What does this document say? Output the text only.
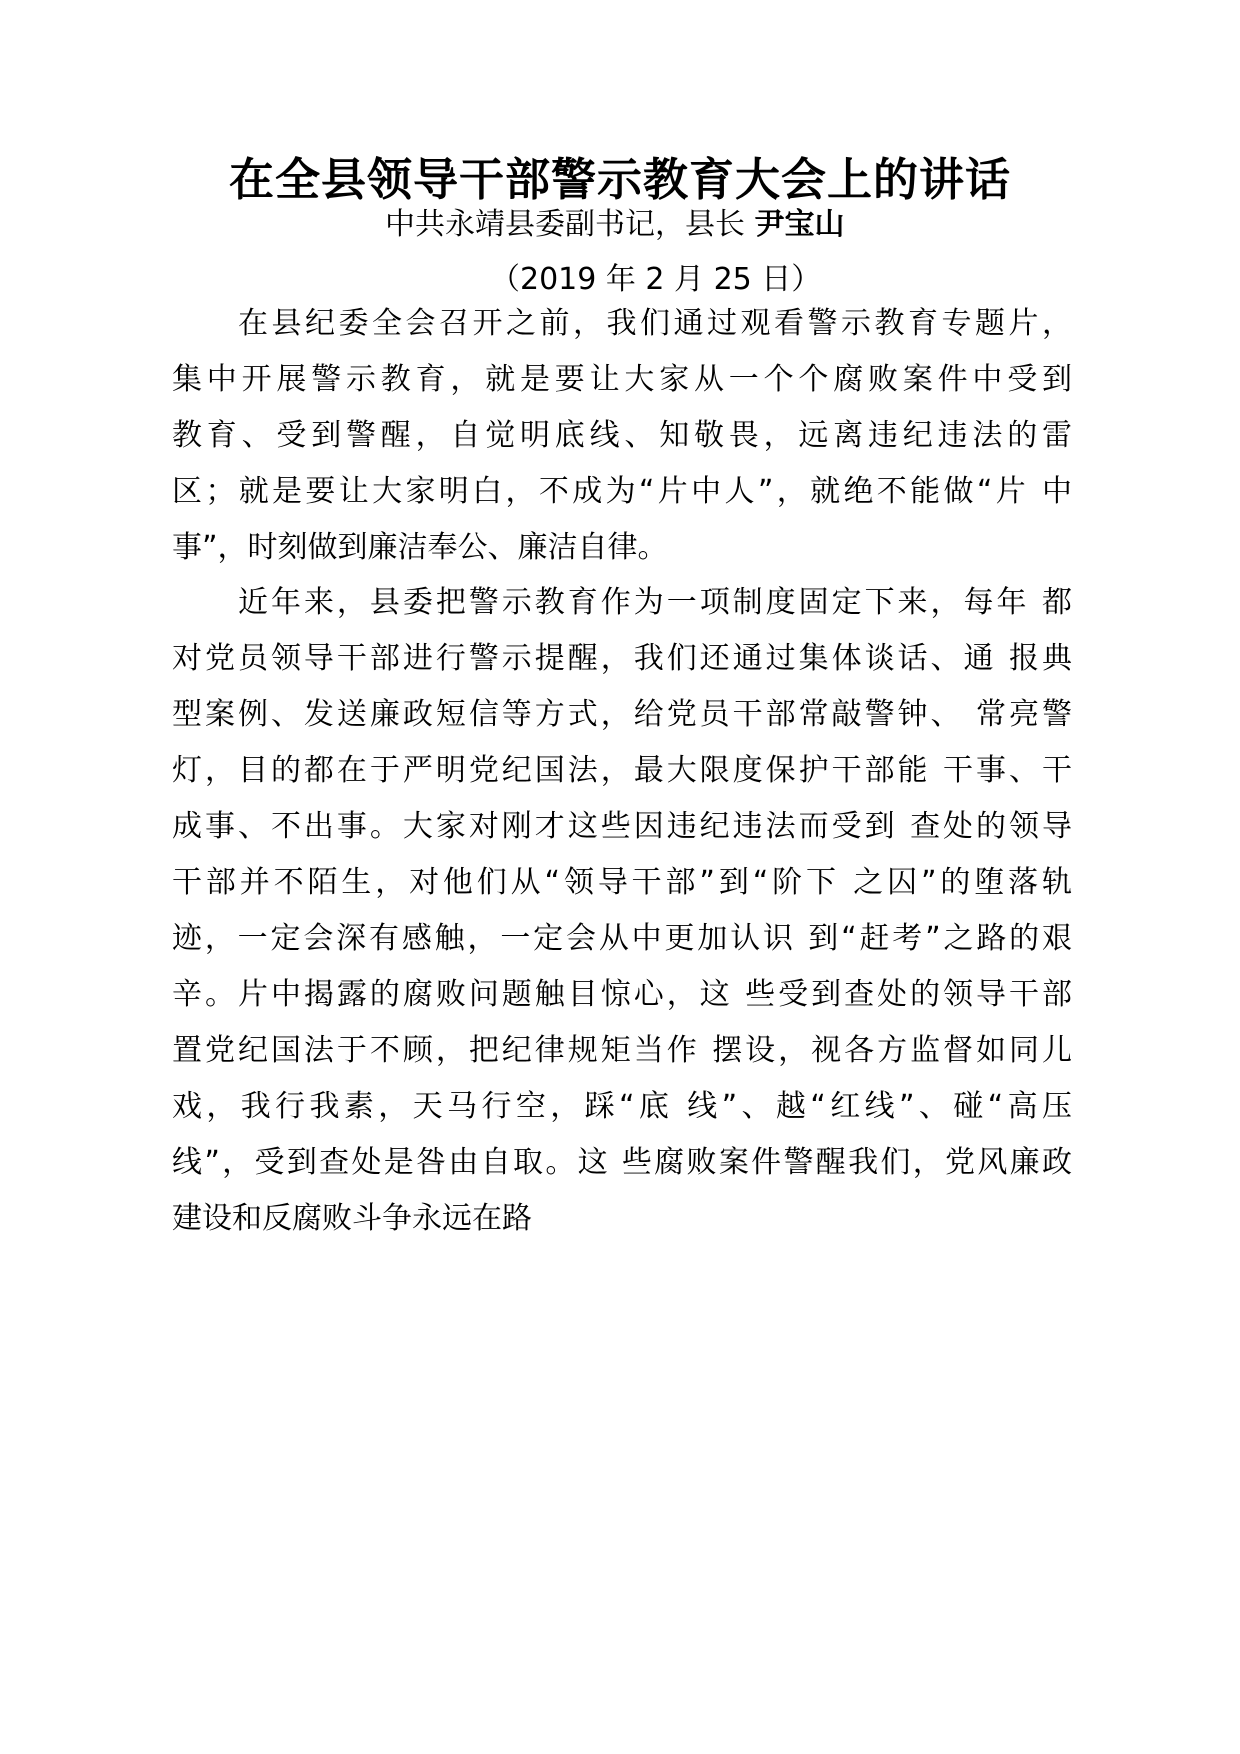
在全县领导干部警示教育大会上的讲话
中共永靖县委副书记，县长 尹宝山
（2019 年 2 月 25 日）
在县纪委全会召开之前，我们通过观看警示教育专题片，
集中开展警示教育，就是要让大家从一个个腐败案件中受到
教育、受到警醒，自觉明底线、知敬畏，远离违纪违法的雷
区；就是要让大家明白，不成为“片中人”，就绝不能做“片 中
事”，时刻做到廉洁奉公、廉洁自律。
近年来，县委把警示教育作为一项制度固定下来，每年 都
对党员领导干部进行警示提醒，我们还通过集体谈话、通 报典
型案例、发送廉政短信等方式，给党员干部常敲警钟、 常亮警
灯，目的都在于严明党纪国法，最大限度保护干部能 干事、干
成事、不出事。大家对刚才这些因违纪违法而受到 查处的领导
干部并不陌生，对他们从“领导干部”到“阶下 之囚”的堕落轨
迹，一定会深有感触，一定会从中更加认识 到“赶考”之路的艰
辛。片中揭露的腐败问题触目惊心，这 些受到查处的领导干部
置党纪国法于不顾，把纪律规矩当作 摆设，视各方监督如同儿
戏，我行我素，天马行空，踩“底 线”、越“红线”、碰“高压
线”，受到查处是咎由自取。这 些腐败案件警醒我们，党风廉政
建设和反腐败斗争永远在路
